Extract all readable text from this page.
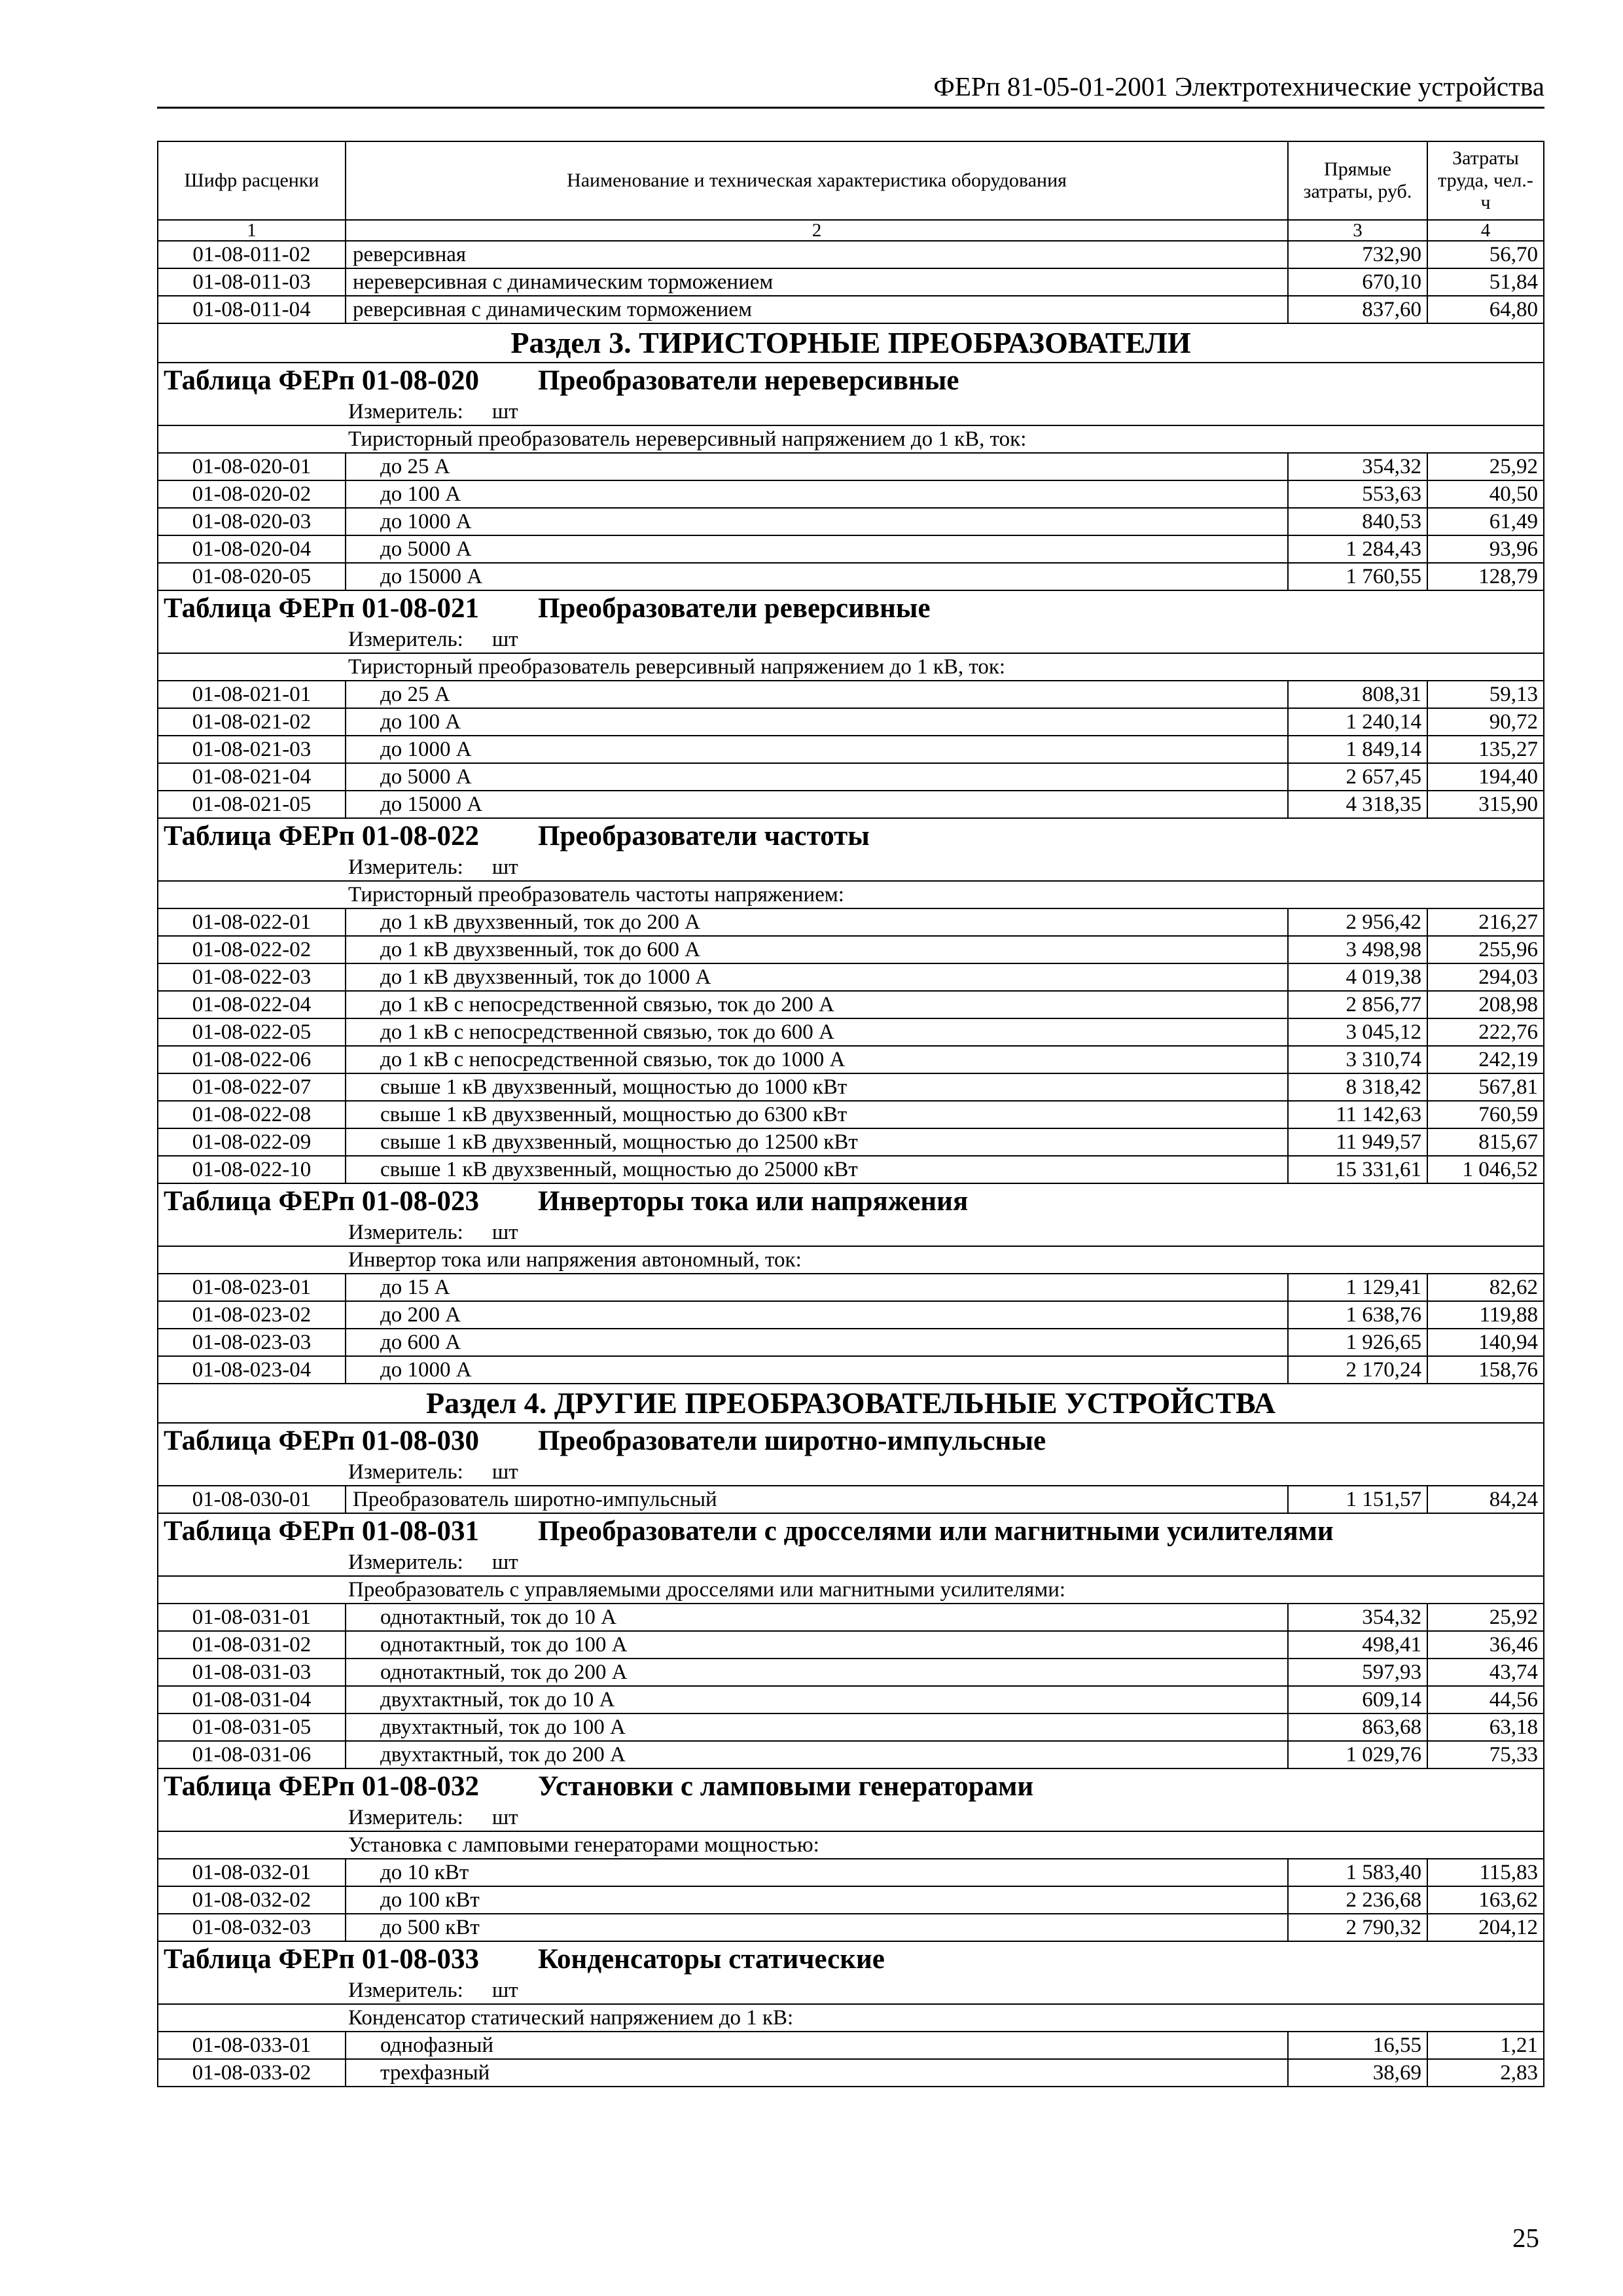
ФЕРп 81-05-01-2001 Электротехнические устройства
Шифр расценки	Наименование и техническая характеристика оборудования	Прямые затраты, руб.	Затраты труда, чел.-ч
1	2	3	4
01-08-011-02	реверсивная	732,90	56,70
01-08-011-03	нереверсивная с динамическим торможением	670,10	51,84
01-08-011-04	реверсивная с динамическим торможением	837,60	64,80
Раздел 3. ТИРИСТОРНЫЕ ПРЕОБРАЗОВАТЕЛИ			
Таблица ФЕРп 01-08-020 Преобразователи нереверсивные			
Измеритель: шт			
Тиристорный преобразователь нереверсивный напряжением до 1 кВ, ток:			
01-08-020-01	до 25 А	354,32	25,92
01-08-020-02	до 100 А	553,63	40,50
01-08-020-03	до 1000 А	840,53	61,49
01-08-020-04	до 5000 А	1 284,43	93,96
01-08-020-05	до 15000 А	1 760,55	128,79
Таблица ФЕРп 01-08-021 Преобразователи реверсивные			
Измеритель: шт			
Тиристорный преобразователь реверсивный напряжением до 1 кВ, ток:			
01-08-021-01	до 25 А	808,31	59,13
01-08-021-02	до 100 А	1 240,14	90,72
01-08-021-03	до 1000 А	1 849,14	135,27
01-08-021-04	до 5000 А	2 657,45	194,40
01-08-021-05	до 15000 А	4 318,35	315,90
Таблица ФЕРп 01-08-022 Преобразователи частоты			
Измеритель: шт			
Тиристорный преобразователь частоты напряжением:			
01-08-022-01	до 1 кВ двухзвенный, ток до 200 А	2 956,42	216,27
01-08-022-02	до 1 кВ двухзвенный, ток до 600 А	3 498,98	255,96
01-08-022-03	до 1 кВ двухзвенный, ток до 1000 А	4 019,38	294,03
01-08-022-04	до 1 кВ с непосредственной связью, ток до 200 А	2 856,77	208,98
01-08-022-05	до 1 кВ с непосредственной связью, ток до 600 А	3 045,12	222,76
01-08-022-06	до 1 кВ с непосредственной связью, ток до 1000 А	3 310,74	242,19
01-08-022-07	свыше 1 кВ двухзвенный, мощностью до 1000 кВт	8 318,42	567,81
01-08-022-08	свыше 1 кВ двухзвенный, мощностью до 6300 кВт	11 142,63	760,59
01-08-022-09	свыше 1 кВ двухзвенный, мощностью до 12500 кВт	11 949,57	815,67
01-08-022-10	свыше 1 кВ двухзвенный, мощностью до 25000 кВт	15 331,61	1 046,52
Таблица ФЕРп 01-08-023 Инверторы тока или напряжения			
Измеритель: шт			
Инвертор тока или напряжения автономный, ток:			
01-08-023-01	до 15 А	1 129,41	82,62
01-08-023-02	до 200 А	1 638,76	119,88
01-08-023-03	до 600 А	1 926,65	140,94
01-08-023-04	до 1000 А	2 170,24	158,76
Раздел 4. ДРУГИЕ ПРЕОБРАЗОВАТЕЛЬНЫЕ УСТРОЙСТВА			
Таблица ФЕРп 01-08-030 Преобразователи широтно-импульсные			
Измеритель: шт			
01-08-030-01	Преобразователь широтно-импульсный	1 151,57	84,24
Таблица ФЕРп 01-08-031 Преобразователи с дросселями или магнитными усилителями			
Измеритель: шт			
Преобразователь с управляемыми дросселями или магнитными усилителями:			
01-08-031-01	однотактный, ток до 10 А	354,32	25,92
01-08-031-02	однотактный, ток до 100 А	498,41	36,46
01-08-031-03	однотактный, ток до 200 А	597,93	43,74
01-08-031-04	двухтактный, ток до 10 А	609,14	44,56
01-08-031-05	двухтактный, ток до 100 А	863,68	63,18
01-08-031-06	двухтактный, ток до 200 А	1 029,76	75,33
Таблица ФЕРп 01-08-032 Установки с ламповыми генераторами			
Измеритель: шт			
Установка с ламповыми генераторами мощностью:			
01-08-032-01	до 10 кВт	1 583,40	115,83
01-08-032-02	до 100 кВт	2 236,68	163,62
01-08-032-03	до 500 кВт	2 790,32	204,12
Таблица ФЕРп 01-08-033 Конденсаторы статические			
Измеритель: шт			
Конденсатор статический напряжением до 1 кВ:			
01-08-033-01	однофазный	16,55	1,21
01-08-033-02	трехфазный	38,69	2,83
25
